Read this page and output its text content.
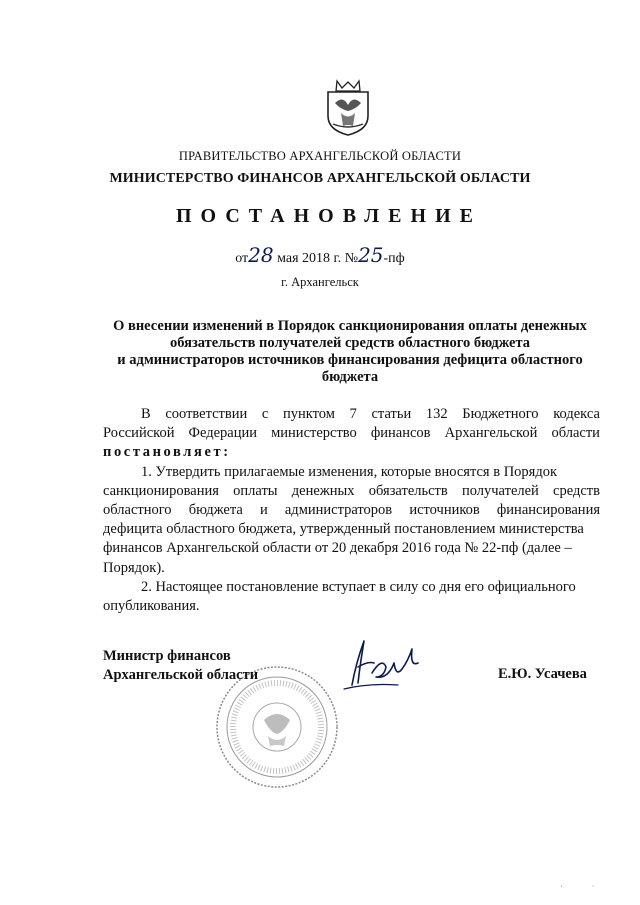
ПРАВИТЕЛЬСТВО АРХАНГЕЛЬСКОЙ ОБЛАСТИ
МИНИСТЕРСТВО ФИНАНСОВ АРХАНГЕЛЬСКОЙ ОБЛАСТИ
ПОСТАНОВЛЕНИЕ
от28 мая 2018 г. №25-пф
г. Архангельск
О внесении изменений в Порядок санкционирования оплаты денежных
обязательств получателей средств областного бюджета
и администраторов источников финансирования дефицита областного
бюджета
В соответствии с пунктом 7 статьи 132 Бюджетного кодекса
Российской Федерации министерство финансов Архангельской области
постановляет:
1. Утвердить прилагаемые изменения, которые вносятся в Порядок
санкционирования оплаты денежных обязательств получателей средств
областного бюджета и администраторов источников финансирования
дефицита областного бюджета, утвержденный постановлением министерства
финансов Архангельской области от 20 декабря 2016 года № 22-пф (далее –
Порядок).
2. Настоящее постановление вступает в силу со дня его официального
опубликования.
Министр финансов
Архангельской области	Е.Ю. Усачева
‧          ‧
